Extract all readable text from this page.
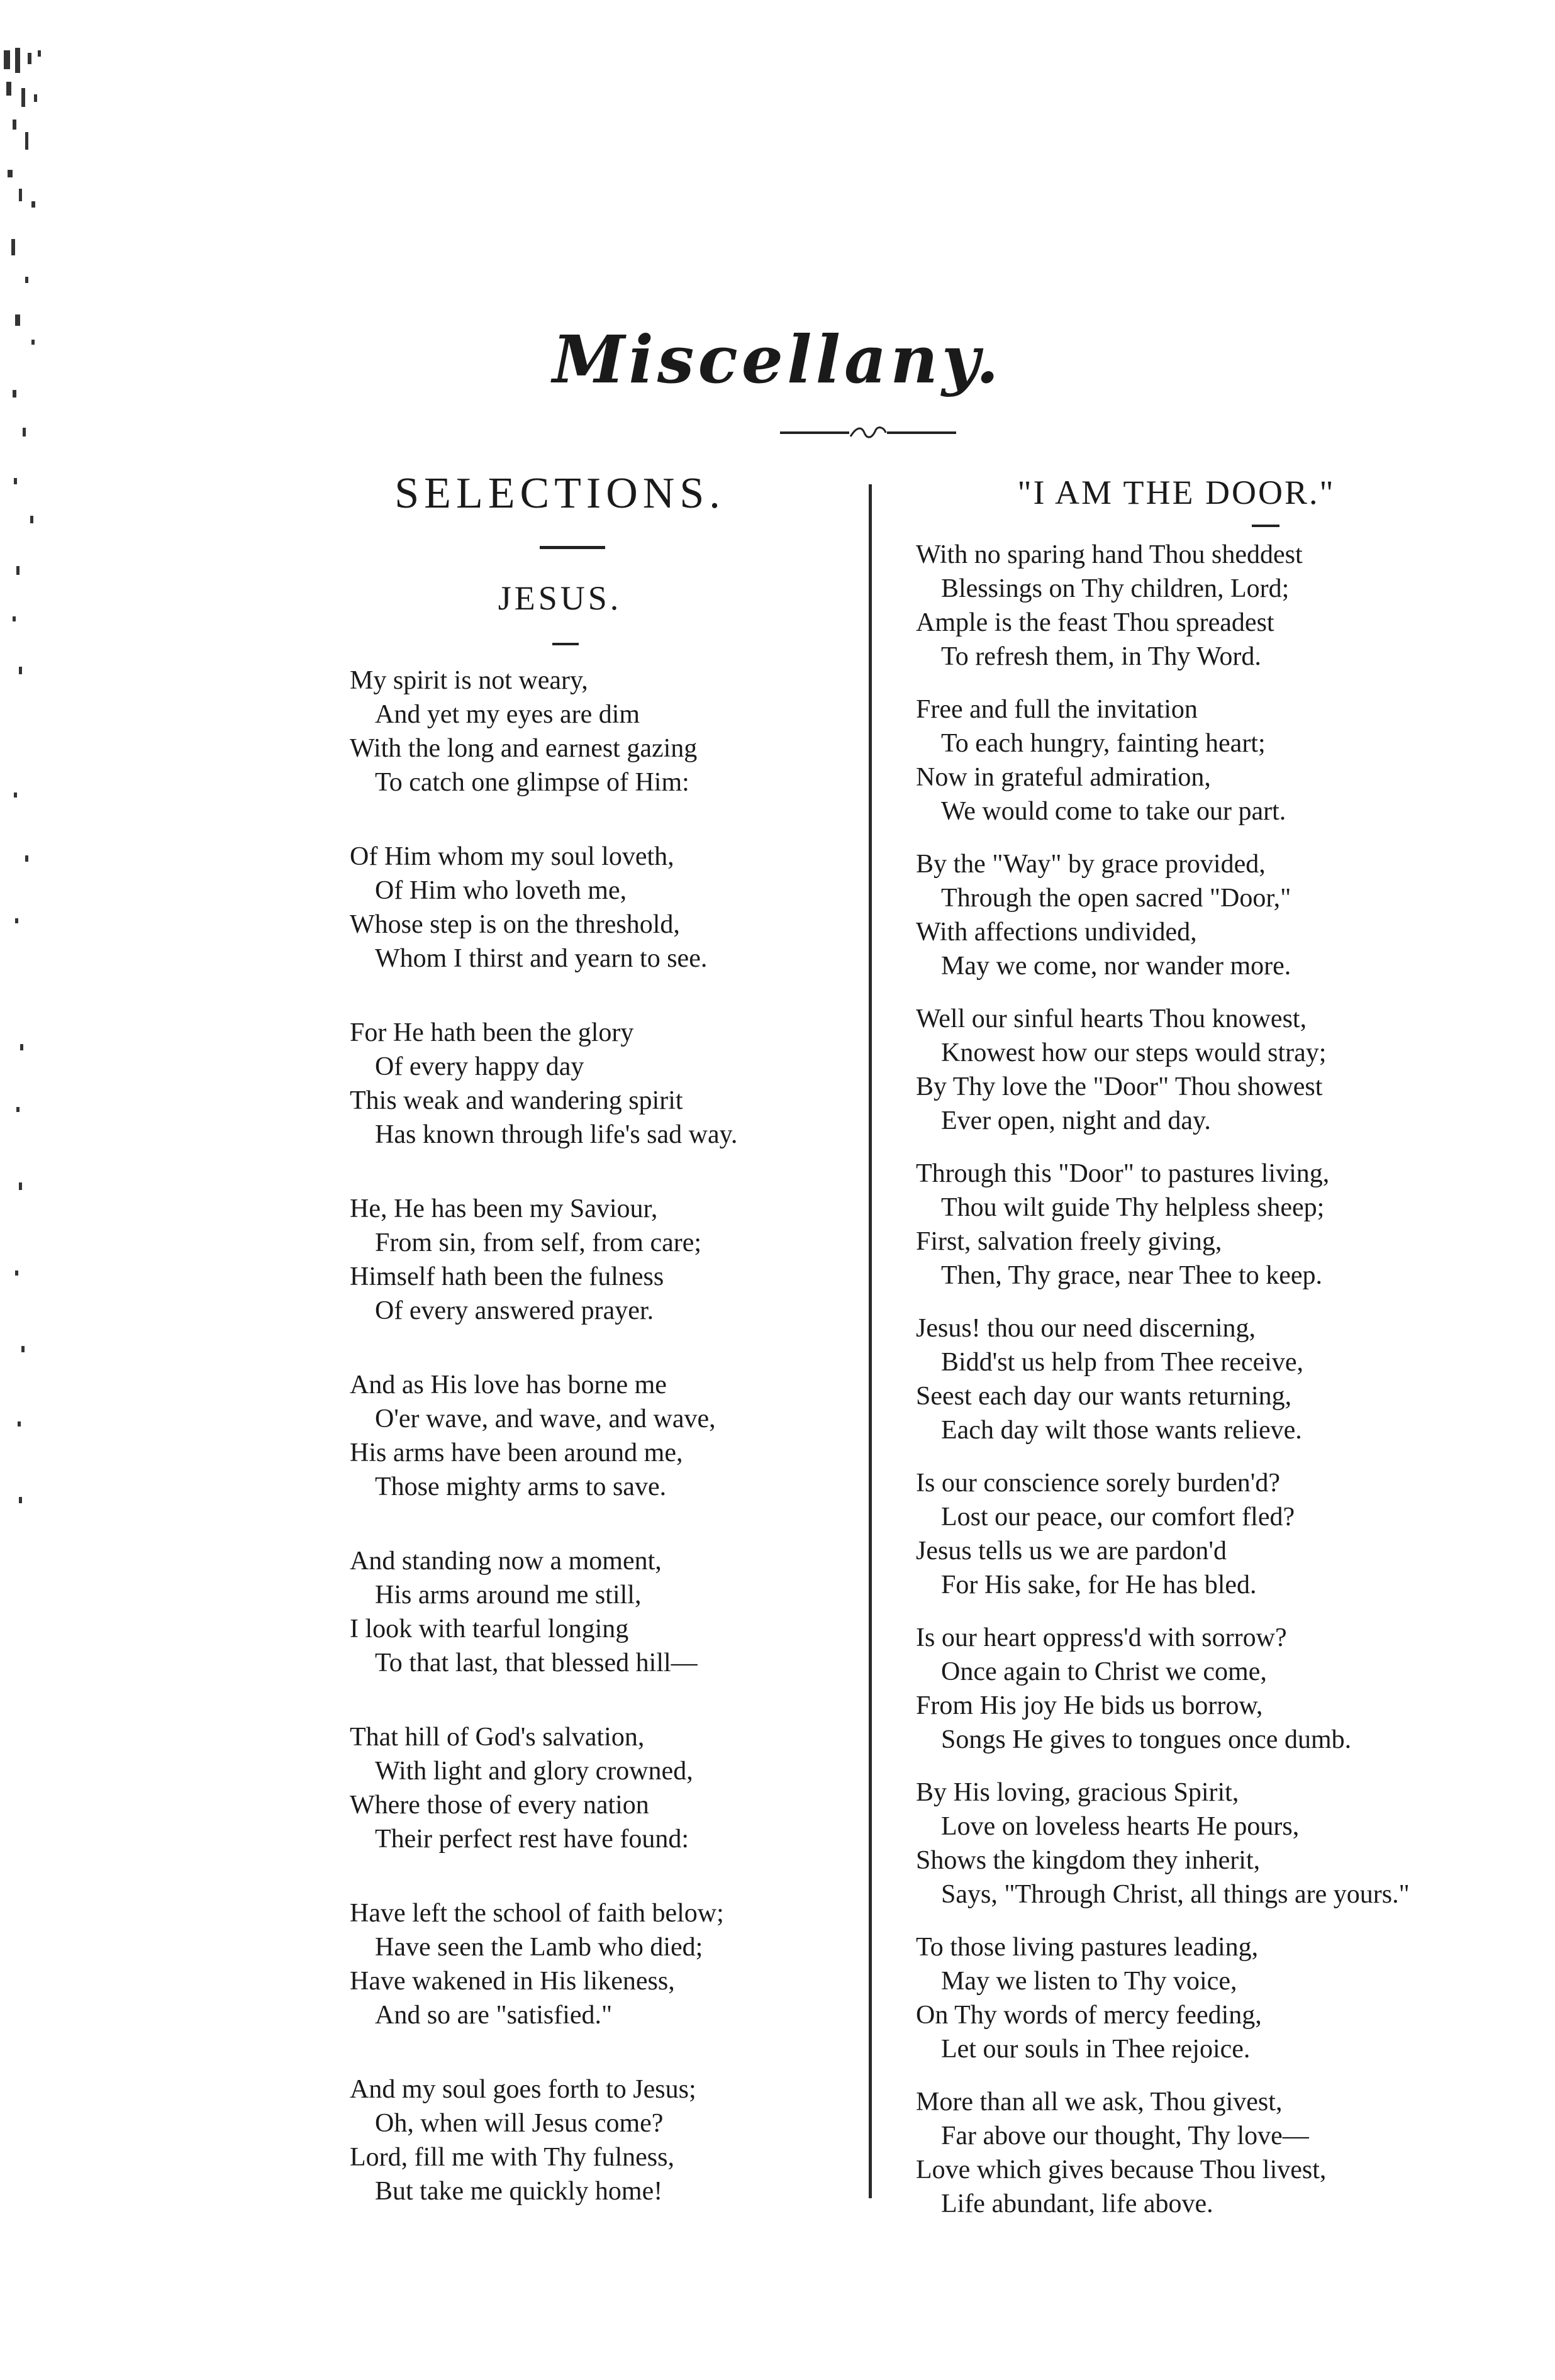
Miscellany.
SELECTIONS.
JESUS.
My spirit is not weary,
And yet my eyes are dim
With the long and earnest gazing
To catch one glimpse of Him:
Of Him whom my soul loveth,
Of Him who loveth me,
Whose step is on the threshold,
Whom I thirst and yearn to see.
For He hath been the glory
Of every happy day
This weak and wandering spirit
Has known through life's sad way.
He, He has been my Saviour,
From sin, from self, from care;
Himself hath been the fulness
Of every answered prayer.
And as His love has borne me
O'er wave, and wave, and wave,
His arms have been around me,
Those mighty arms to save.
And standing now a moment,
His arms around me still,
I look with tearful longing
To that last, that blessed hill—
That hill of God's salvation,
With light and glory crowned,
Where those of every nation
Their perfect rest have found:
Have left the school of faith below;
Have seen the Lamb who died;
Have wakened in His likeness,
And so are "satisfied."
And my soul goes forth to Jesus;
Oh, when will Jesus come?
Lord, fill me with Thy fulness,
But take me quickly home!
"I AM THE DOOR."
With no sparing hand Thou sheddest
Blessings on Thy children, Lord;
Ample is the feast Thou spreadest
To refresh them, in Thy Word.
Free and full the invitation
To each hungry, fainting heart;
Now in grateful admiration,
We would come to take our part.
By the "Way" by grace provided,
Through the open sacred "Door,"
With affections undivided,
May we come, nor wander more.
Well our sinful hearts Thou knowest,
Knowest how our steps would stray;
By Thy love the "Door" Thou showest
Ever open, night and day.
Through this "Door" to pastures living,
Thou wilt guide Thy helpless sheep;
First, salvation freely giving,
Then, Thy grace, near Thee to keep.
Jesus! thou our need discerning,
Bidd'st us help from Thee receive,
Seest each day our wants returning,
Each day wilt those wants relieve.
Is our conscience sorely burden'd?
Lost our peace, our comfort fled?
Jesus tells us we are pardon'd
For His sake, for He has bled.
Is our heart oppress'd with sorrow?
Once again to Christ we come,
From His joy He bids us borrow,
Songs He gives to tongues once dumb.
By His loving, gracious Spirit,
Love on loveless hearts He pours,
Shows the kingdom they inherit,
Says, "Through Christ, all things are yours."
To those living pastures leading,
May we listen to Thy voice,
On Thy words of mercy feeding,
Let our souls in Thee rejoice.
More than all we ask, Thou givest,
Far above our thought, Thy love—
Love which gives because Thou livest,
Life abundant, life above.
